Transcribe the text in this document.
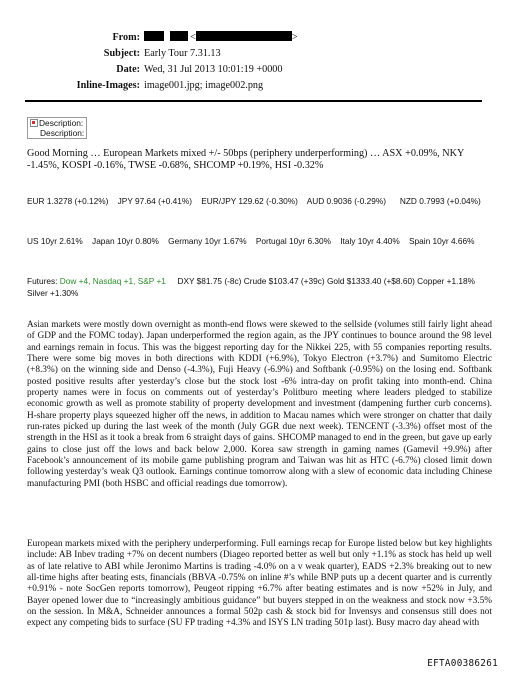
From:	<	>
Subject: Early Tour 7.31.13
Date: Wed, 31 Jul 2013 10:01:19 +0000
Inline-Images: image001.jpg; image002.png
Description:
Description:
Good Morning … European Markets mixed +/- 50bps (periphery underperforming) … ASX +0.09%, NKY -1.45%, KOSPI -0.16%, TWSE -0.68%, SHCOMP +0.19%, HSI -0.32%
EUR 1.3278 (+0.12%) JPY 97.64 (+0.41%) EUR/JPY 129.62 (-0.30%) AUD 0.9036 (-0.29%) NZD 0.7993 (+0.04%)
US 10yr 2.61% Japan 10yr 0.80% Germany 10yr 1.67% Portugal 10yr 6.30% Italy 10yr 4.40% Spain 10yr 4.66%
Futures: Dow +4, Nasdaq +1, S&P +1 DXY $81.75 (-8c) Crude $103.47 (+39c) Gold $1333.40 (+$8.60) Copper +1.18% Silver +1.30%
Asian markets were mostly down overnight as month-end flows were skewed to the sellside (volumes still fairly light ahead of GDP and the FOMC today). Japan underperformed the region again, as the JPY continues to bounce around the 98 level and earnings remain in focus. This was the biggest reporting day for the Nikkei 225, with 55 companies reporting results. There were some big moves in both directions with KDDI (+6.9%), Tokyo Electron (+3.7%) and Sumitomo Electric (+8.3%) on the winning side and Denso (-4.3%), Fuji Heavy (-6.9%) and Softbank (-0.95%) on the losing end. Softbank posted positive results after yesterday’s close but the stock lost -6% intra-day on profit taking into month-end. China property names were in focus on comments out of yesterday’s Politburo meeting where leaders pledged to stabilize economic growth as well as promote stability of property development and investment (dampening further curb concerns). H-share property plays squeezed higher off the news, in addition to Macau names which were stronger on chatter that daily run-rates picked up during the last week of the month (July GGR due next week). TENCENT (-3.3%) offset most of the strength in the HSI as it took a break from 6 straight days of gains. SHCOMP managed to end in the green, but gave up early gains to close just off the lows and back below 2,000. Korea saw strength in gaming names (Gamevil +9.9%) after Facebook’s announcement of its mobile game publishing program and Taiwan was hit as HTC (-6.7%) closed limit down following yesterday’s weak Q3 outlook. Earnings continue tomorrow along with a slew of economic data including Chinese manufacturing PMI (both HSBC and official readings due tomorrow).
European markets mixed with the periphery underperforming. Full earnings recap for Europe listed below but key highlights include: AB Inbev trading +7% on decent numbers (Diageo reported better as well but only +1.1% as stock has held up well as of late relative to ABI while Jeronimo Martins is trading -4.0% on a v weak quarter), EADS +2.3% breaking out to new all-time highs after beating ests, financials (BBVA -0.75% on inline #’s while BNP puts up a decent quarter and is currently +0.91% - note SocGen reports tomorrow), Peugeot ripping +6.7% after beating estimates and is now +52% in July, and Bayer opened lower due to “increasingly ambitious guidance” but buyers stepped in on the weakness and stock now +3.5% on the session. In M&A, Schneider announces a formal 502p cash & stock bid for Invensys and consensus still does not expect any competing bids to surface (SU FP trading +4.3% and ISYS LN trading 501p last). Busy macro day ahead with
EFTA00386261
